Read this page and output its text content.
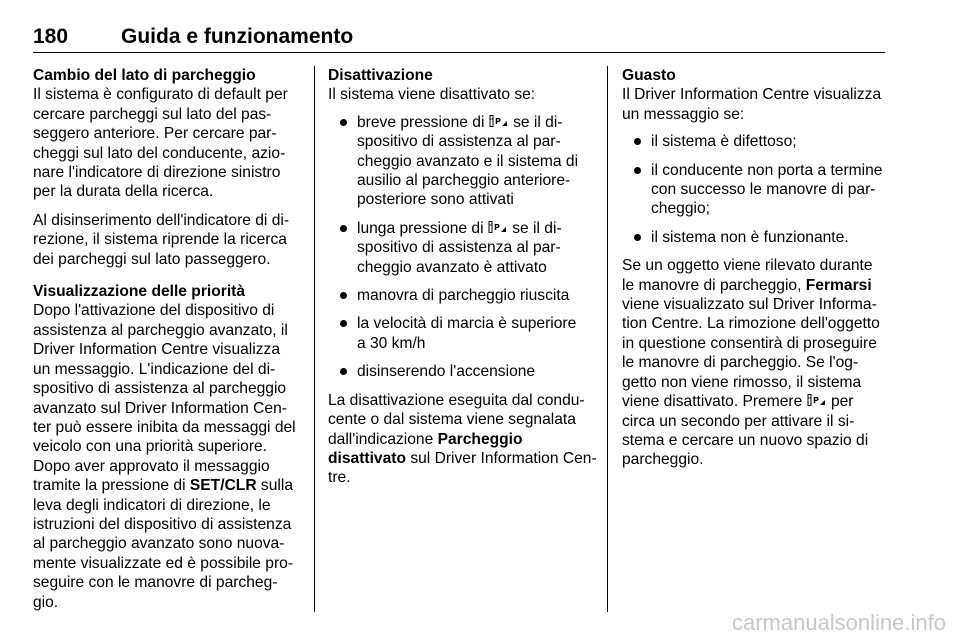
180	Guida e funzionamento

Cambio del lato di parcheggio

Il sistema è configurato di default per
cercare parcheggi sul lato del pas-
seggero anteriore. Per cercare par-
cheggi sul lato del conducente, azio-
nare l'indicatore di direzione sinistro
per la durata della ricerca.

Al disinserimento dell'indicatore di di-
rezione, il sistema riprende la ricerca
dei parcheggi sul lato passeggero.

Visualizzazione delle priorità

Dopo l'attivazione del dispositivo di
assistenza al parcheggio avanzato, il
Driver Information Centre visualizza
un messaggio. L'indicazione del di-
spositivo di assistenza al parcheggio
avanzato sul Driver Information Cen-
ter può essere inibita da messaggi del
veicolo con una priorità superiore.
Dopo aver approvato il messaggio
tramite la pressione di SET/CLR sulla
leva degli indicatori di direzione, le
istruzioni del dispositivo di assistenza
al parcheggio avanzato sono nuova-
mente visualizzate ed è possibile pro-
seguire con le manovre di parcheg-
gio.

Disattivazione

Il sistema viene disattivato se:

breve pressione di P se il di-
spositivo di assistenza al par-
cheggio avanzato e il sistema di
ausilio al parcheggio anteriore-
posteriore sono attivati
lunga pressione di P se il di-
spositivo di assistenza al par-
cheggio avanzato è attivato
manovra di parcheggio riuscita
la velocità di marcia è superiore
a 30 km/h
disinserendo l'accensione

La disattivazione eseguita dal condu-
cente o dal sistema viene segnalata
dall'indicazione Parcheggio
disattivato sul Driver Information Cen-
tre.

Guasto

Il Driver Information Centre visualizza
un messaggio se:

il sistema è difettoso;
il conducente non porta a termine
con successo le manovre di par-
cheggio;
il sistema non è funzionante.

Se un oggetto viene rilevato durante
le manovre di parcheggio, Fermarsi
viene visualizzato sul Driver Informa-
tion Centre. La rimozione dell'oggetto
in questione consentirà di proseguire
le manovre di parcheggio. Se l'og-
getto non viene rimosso, il sistema
viene disattivato. Premere P per
circa un secondo per attivare il si-
stema e cercare un nuovo spazio di
parcheggio.

carmanualsonline.info
